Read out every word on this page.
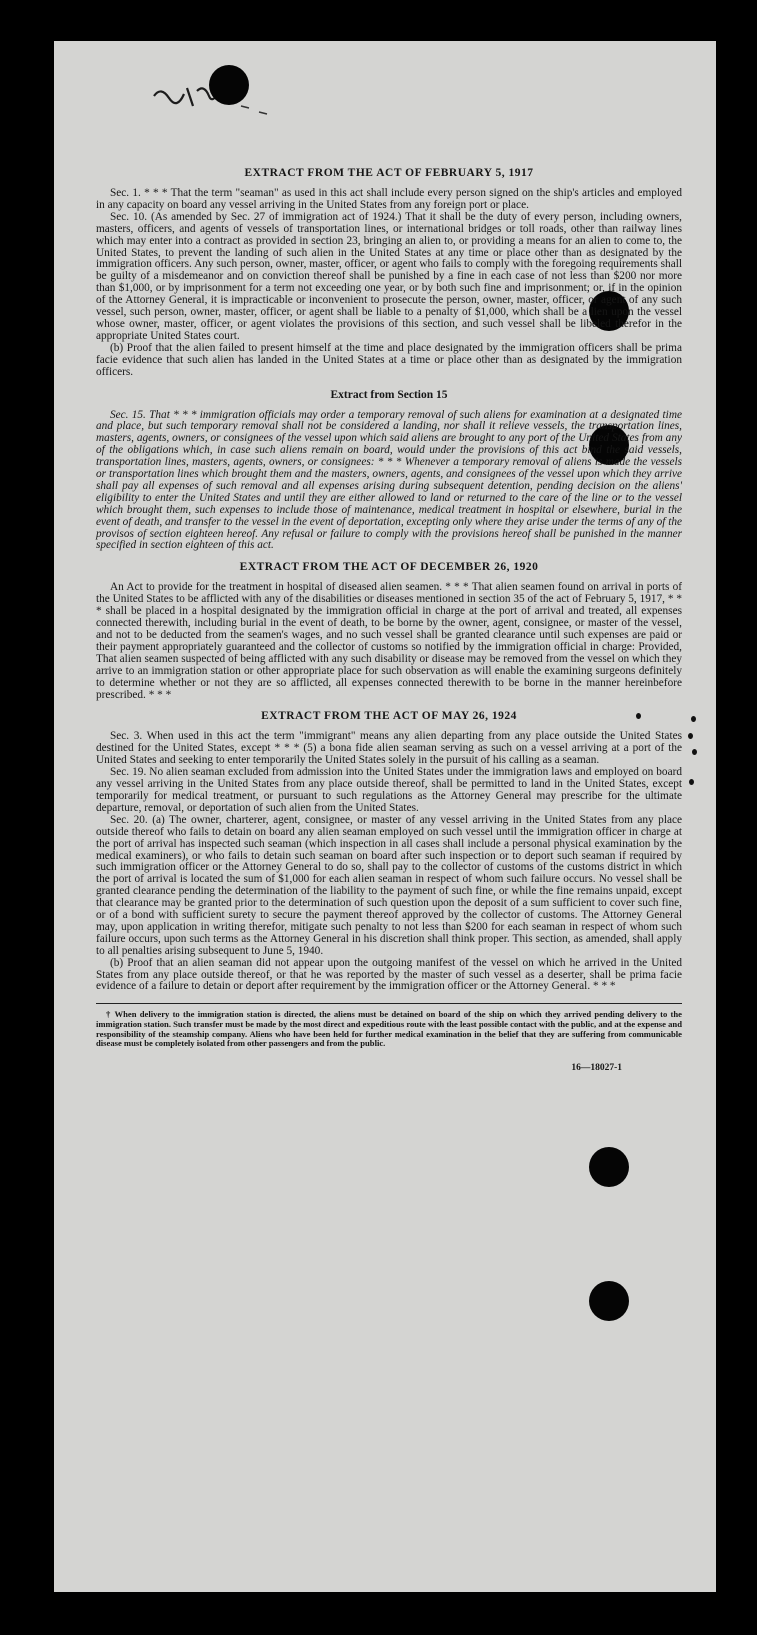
EXTRACT FROM THE ACT OF FEBRUARY 5, 1917

Sec. 1. * * * That the term "seaman" as used in this act shall include every person signed on the ship's articles and employed in any capacity on board any vessel arriving in the United States from any foreign port or place.

Sec. 10. (As amended by Sec. 27 of immigration act of 1924.) That it shall be the duty of every person, including owners, masters, officers, and agents of vessels of transportation lines, or international bridges or toll roads, other than railway lines which may enter into a contract as provided in section 23, bringing an alien to, or providing a means for an alien to come to, the United States, to prevent the landing of such alien in the United States at any time or place other than as designated by the immigration officers. Any such person, owner, master, officer, or agent who fails to comply with the foregoing requirements shall be guilty of a misdemeanor and on conviction thereof shall be punished by a fine in each case of not less than $200 nor more than $1,000, or by imprisonment for a term not exceeding one year, or by both such fine and imprisonment; or, if in the opinion of the Attorney General, it is impracticable or inconvenient to prosecute the person, owner, master, officer, or agent of any such vessel, such person, owner, master, officer, or agent shall be liable to a penalty of $1,000, which shall be a lien upon the vessel whose owner, master, officer, or agent violates the provisions of this section, and such vessel shall be libeled therefor in the appropriate United States court.

(b) Proof that the alien failed to present himself at the time and place designated by the immigration officers shall be prima facie evidence that such alien has landed in the United States at a time or place other than as designated by the immigration officers.

Extract from Section 15

Sec. 15. That * * * immigration officials may order a temporary removal of such aliens for examination at a designated time and place, but such temporary removal shall not be considered a landing, nor shall it relieve vessels, the transportation lines, masters, agents, owners, or consignees of the vessel upon which said aliens are brought to any port of the United States from any of the obligations which, in case such aliens remain on board, would under the provisions of this act bind the said vessels, transportation lines, masters, agents, owners, or consignees: * * * Whenever a temporary removal of aliens is made the vessels or transportation lines which brought them and the masters, owners, agents, and consignees of the vessel upon which they arrive shall pay all expenses of such removal and all expenses arising during subsequent detention, pending decision on the aliens' eligibility to enter the United States and until they are either allowed to land or returned to the care of the line or to the vessel which brought them, such expenses to include those of maintenance, medical treatment in hospital or elsewhere, burial in the event of death, and transfer to the vessel in the event of deportation, excepting only where they arise under the terms of any of the provisos of section eighteen hereof. Any refusal or failure to comply with the provisions hereof shall be punished in the manner specified in section eighteen of this act.

EXTRACT FROM THE ACT OF DECEMBER 26, 1920

An Act to provide for the treatment in hospital of diseased alien seamen. * * * That alien seamen found on arrival in ports of the United States to be afflicted with any of the disabilities or diseases mentioned in section 35 of the act of February 5, 1917, * * * shall be placed in a hospital designated by the immigration official in charge at the port of arrival and treated, all expenses connected therewith, including burial in the event of death, to be borne by the owner, agent, consignee, or master of the vessel, and not to be deducted from the seamen's wages, and no such vessel shall be granted clearance until such expenses are paid or their payment appropriately guaranteed and the collector of customs so notified by the immigration official in charge: Provided, That alien seamen suspected of being afflicted with any such disability or disease may be removed from the vessel on which they arrive to an immigration station or other appropriate place for such observation as will enable the examining surgeons definitely to determine whether or not they are so afflicted, all expenses connected therewith to be borne in the manner hereinbefore prescribed. * * *

EXTRACT FROM THE ACT OF MAY 26, 1924

Sec. 3. When used in this act the term "immigrant" means any alien departing from any place outside the United States destined for the United States, except * * * (5) a bona fide alien seaman serving as such on a vessel arriving at a port of the United States and seeking to enter temporarily the United States solely in the pursuit of his calling as a seaman.

Sec. 19. No alien seaman excluded from admission into the United States under the immigration laws and employed on board any vessel arriving in the United States from any place outside thereof, shall be permitted to land in the United States, except temporarily for medical treatment, or pursuant to such regulations as the Attorney General may prescribe for the ultimate departure, removal, or deportation of such alien from the United States.

Sec. 20. (a) The owner, charterer, agent, consignee, or master of any vessel arriving in the United States from any place outside thereof who fails to detain on board any alien seaman employed on such vessel until the immigration officer in charge at the port of arrival has inspected such seaman (which inspection in all cases shall include a personal physical examination by the medical examiners), or who fails to detain such seaman on board after such inspection or to deport such seaman if required by such immigration officer or the Attorney General to do so, shall pay to the collector of customs of the customs district in which the port of arrival is located the sum of $1,000 for each alien seaman in respect of whom such failure occurs. No vessel shall be granted clearance pending the determination of the liability to the payment of such fine, or while the fine remains unpaid, except that clearance may be granted prior to the determination of such question upon the deposit of a sum sufficient to cover such fine, or of a bond with sufficient surety to secure the payment thereof approved by the collector of customs. The Attorney General may, upon application in writing therefor, mitigate such penalty to not less than $200 for each seaman in respect of whom such failure occurs, upon such terms as the Attorney General in his discretion shall think proper. This section, as amended, shall apply to all penalties arising subsequent to June 5, 1940.

(b) Proof that an alien seaman did not appear upon the outgoing manifest of the vessel on which he arrived in the United States from any place outside thereof, or that he was reported by the master of such vessel as a deserter, shall be prima facie evidence of a failure to detain or deport after requirement by the immigration officer or the Attorney General. * * *

† When delivery to the immigration station is directed, the aliens must be detained on board of the ship on which they arrived pending delivery to the immigration station. Such transfer must be made by the most direct and expeditious route with the least possible contact with the public, and at the expense and responsibility of the steamship company. Aliens who have been held for further medical examination in the belief that they are suffering from communicable disease must be completely isolated from other passengers and from the public.

16—18027-1
